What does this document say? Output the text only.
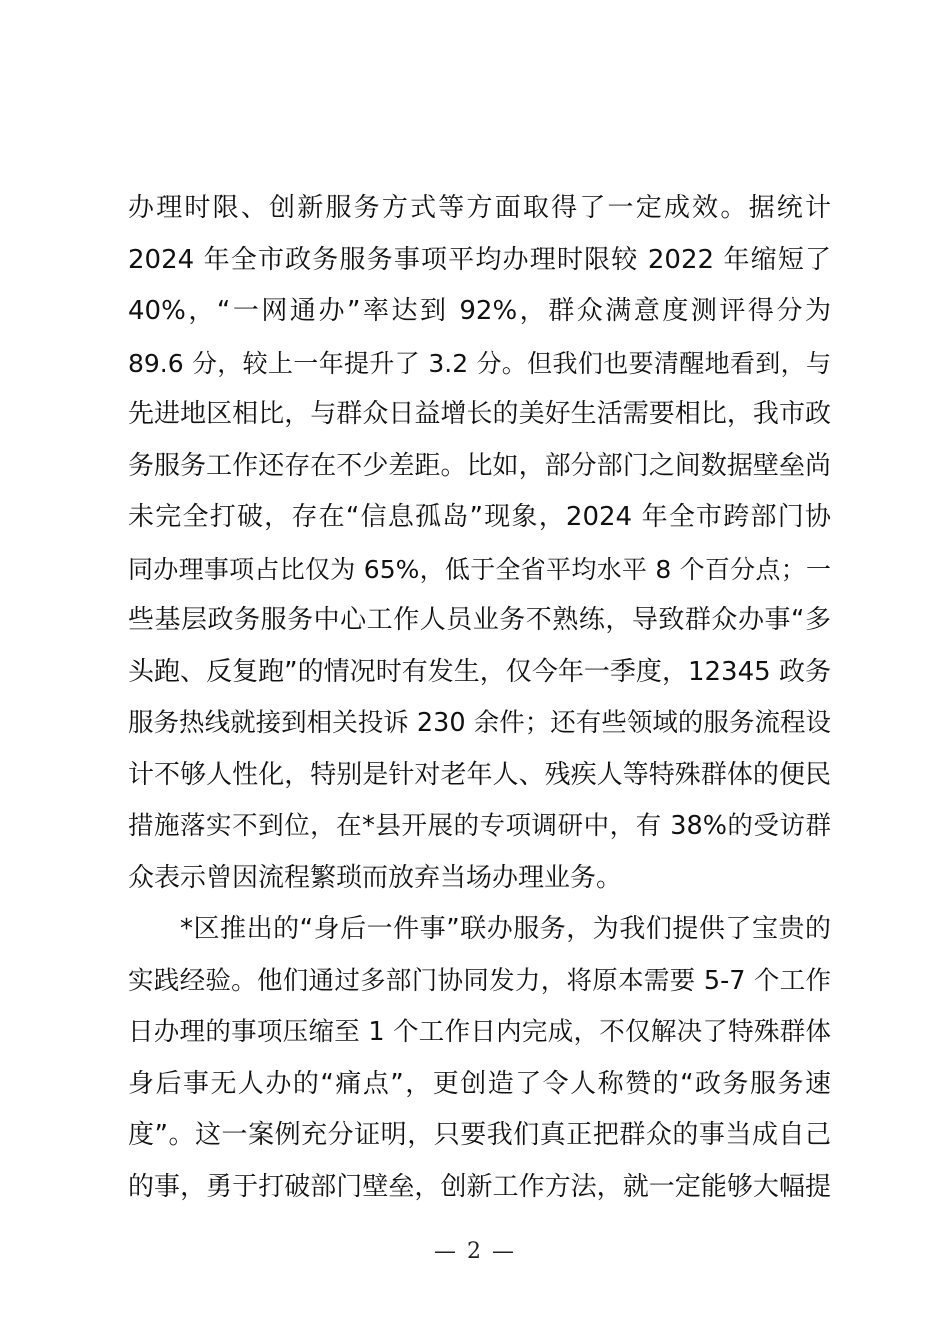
办理时限、创新服务方式等方面取得了一定成效。据统计
2024 年全市政务服务事项平均办理时限较 2022 年缩短了
40%，“一网通办”率达到 92%，群众满意度测评得分为
89.6 分，较上一年提升了 3.2 分。但我们也要清醒地看到，与
先进地区相比，与群众日益增长的美好生活需要相比，我市政
务服务工作还存在不少差距。比如，部分部门之间数据壁垒尚
未完全打破，存在“信息孤岛”现象，2024 年全市跨部门协
同办理事项占比仅为 65%，低于全省平均水平 8 个百分点；一
些基层政务服务中心工作人员业务不熟练，导致群众办事“多
头跑、反复跑”的情况时有发生，仅今年一季度，12345 政务
服务热线就接到相关投诉 230 余件；还有些领域的服务流程设
计不够人性化，特别是针对老年人、残疾人等特殊群体的便民
措施落实不到位，在*县开展的专项调研中，有 38%的受访群
众表示曾因流程繁琐而放弃当场办理业务。
*区推出的“身后一件事”联办服务，为我们提供了宝贵的
实践经验。他们通过多部门协同发力，将原本需要 5-7 个工作
日办理的事项压缩至 1 个工作日内完成，不仅解决了特殊群体
身后事无人办的“痛点”，更创造了令人称赞的“政务服务速
度”。这一案例充分证明，只要我们真正把群众的事当成自己
的事，勇于打破部门壁垒，创新工作方法，就一定能够大幅提
— 2 —
